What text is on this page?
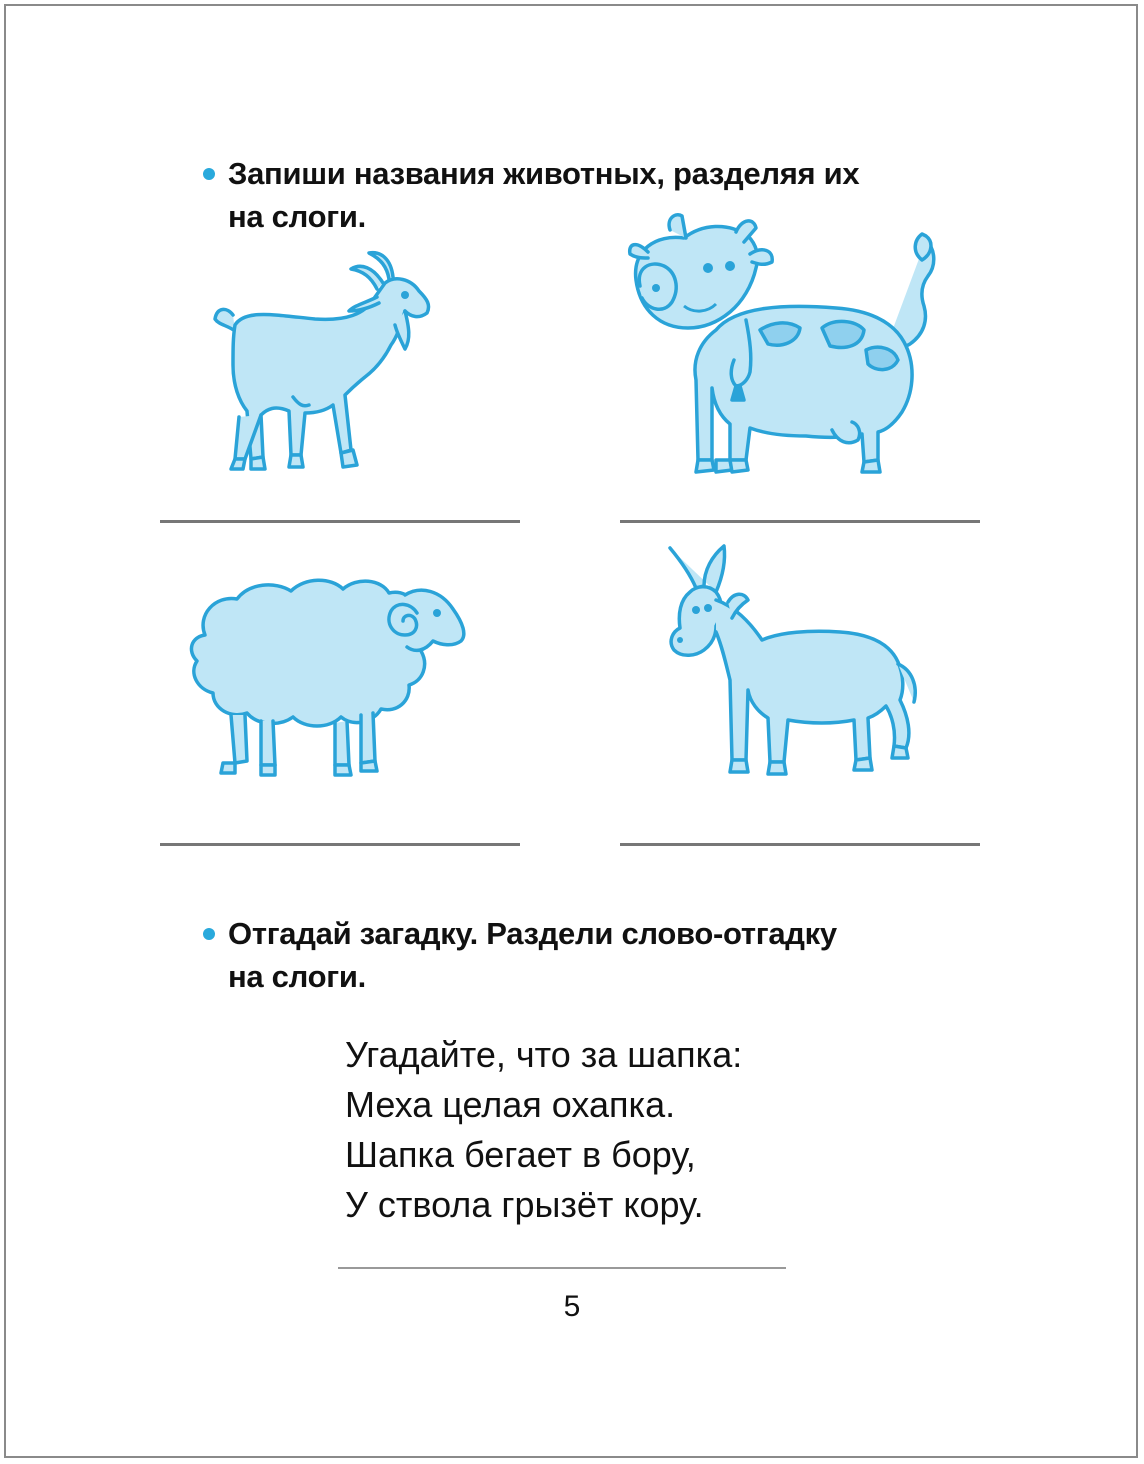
Запиши названия животных, разделяя их
на слоги.
Отгадай загадку. Раздели слово-отгадку
на слоги.
Угадайте, что за шапка:
Меха целая охапка.
Шапка бегает в бору,
У ствола грызёт кору.
5
